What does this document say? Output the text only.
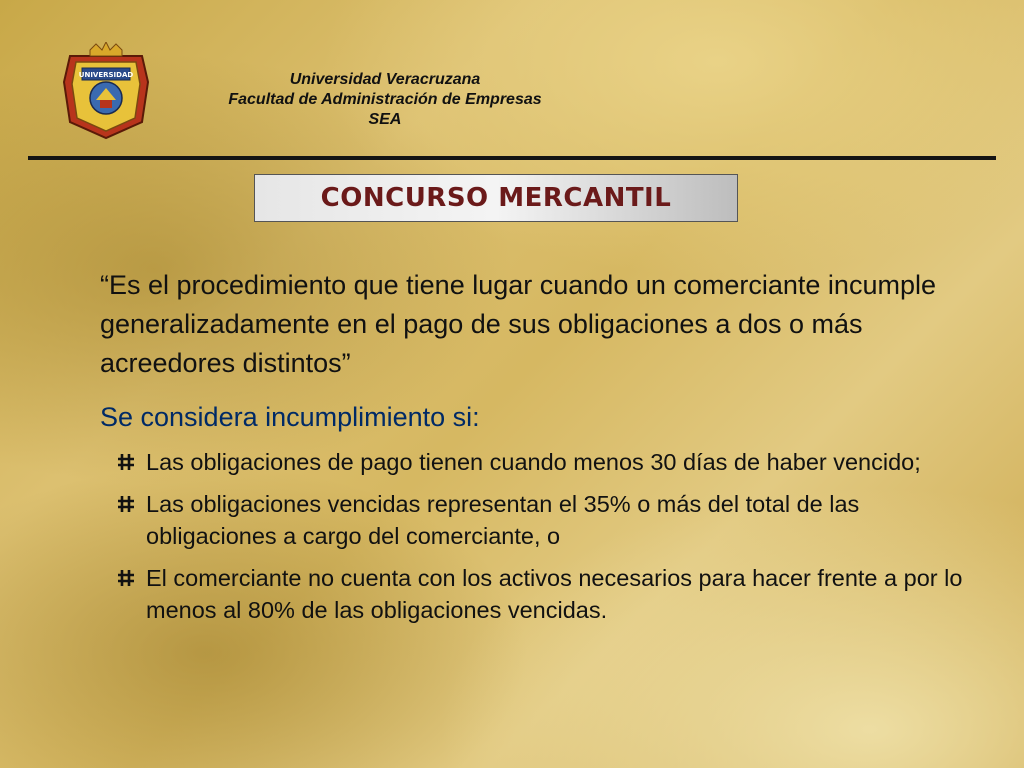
UNIVERSIDAD	Universidad Veracruzana
Facultad de Administración de Empresas
SEA
CONCURSO MERCANTIL
“Es el procedimiento que tiene lugar cuando un comerciante incumple generalizadamente en el pago de sus obligaciones a dos o más acreedores distintos”
Se considera incumplimiento si:
Las obligaciones de pago tienen cuando menos 30 días de haber vencido;
Las obligaciones vencidas representan el 35% o más del total de las obligaciones a cargo del comerciante, o
El comerciante no cuenta con los activos necesarios para hacer frente a por lo menos al 80% de las obligaciones vencidas.
